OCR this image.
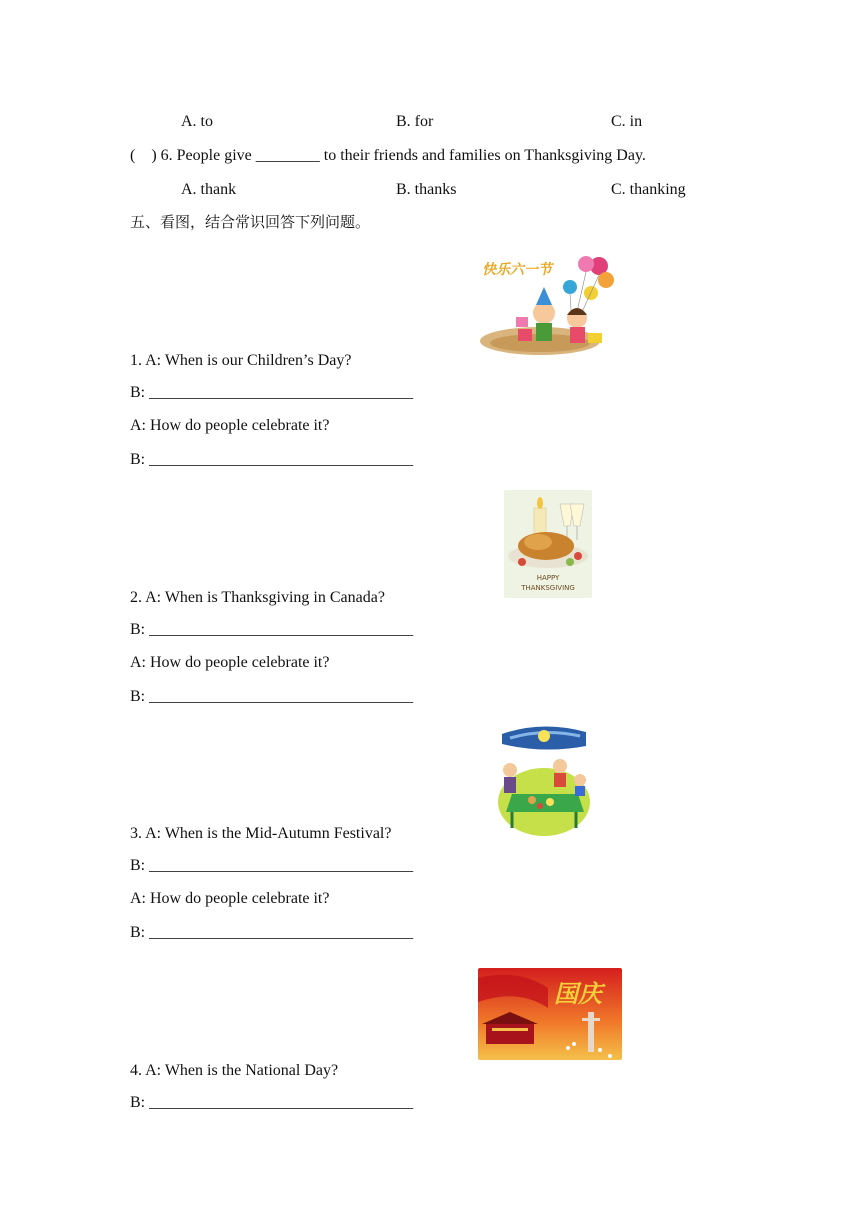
A. to	B. for	C. in
(    ) 6. People give ________ to their friends and families on Thanksgiving Day.
A. thank	B. thanks	C. thanking
五、看图，结合常识回答下列问题。
快乐六一节
1. A: When is our Children’s Day?
B: _________________________________
A: How do people celebrate it?
B: _________________________________
HAPPY
THANKSGIVING
2. A: When is Thanksgiving in Canada?
B: _________________________________
A: How do people celebrate it?
B: _________________________________
3. A: When is the Mid-Autumn Festival?
B: _________________________________
A: How do people celebrate it?
B: _________________________________
国庆
4. A: When is the National Day?
B: _________________________________
